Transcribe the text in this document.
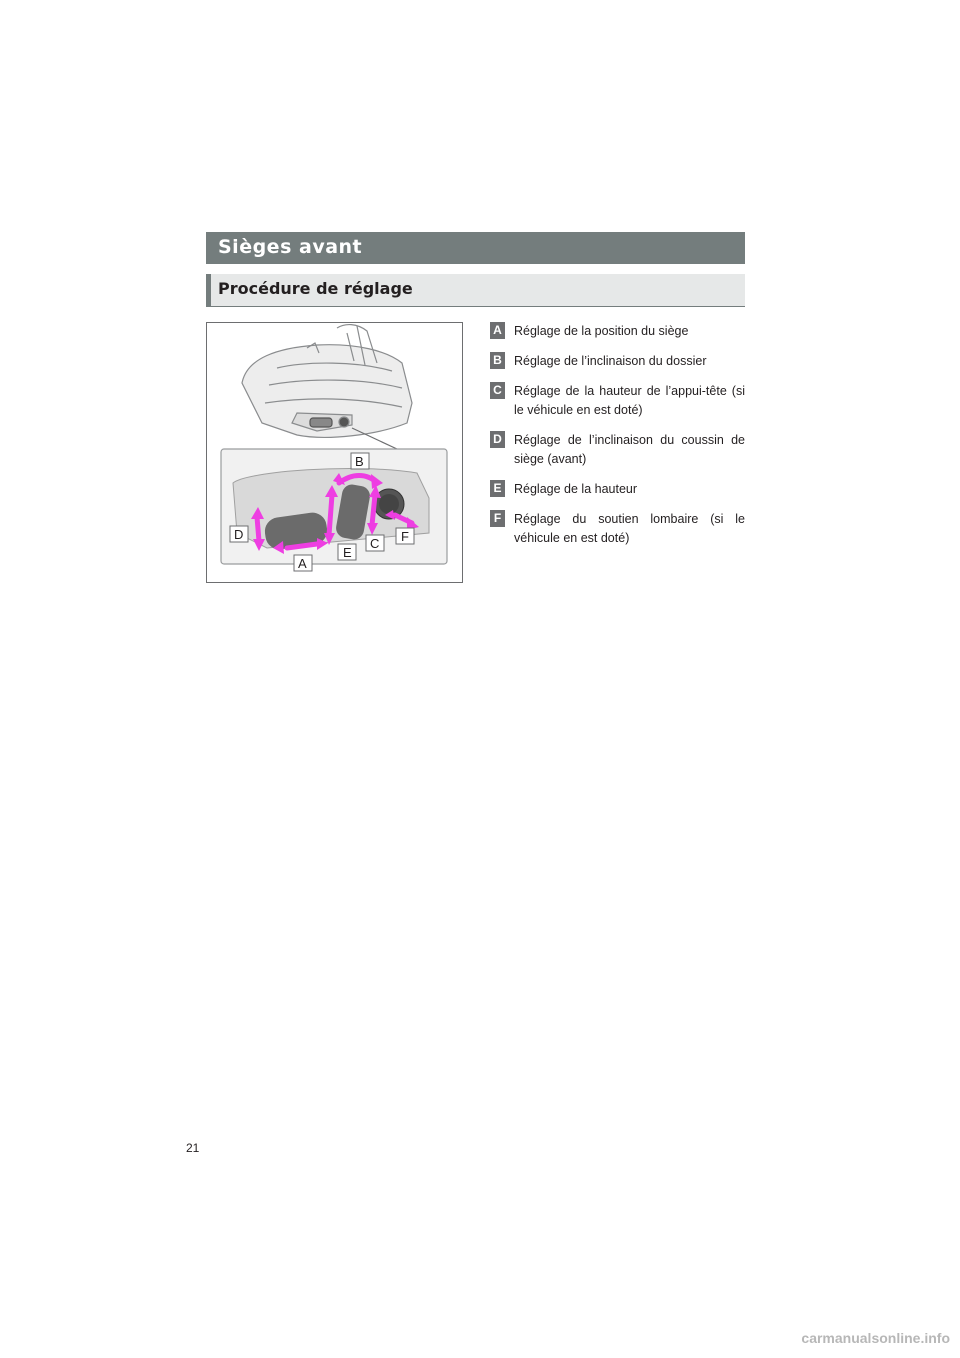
Sièges avant
Procédure de réglage
B
D
C F
E
A
A Réglage de la position du siège
B Réglage de l’inclinaison du dossier
C Réglage de la hauteur de l’appui-tête (si le véhicule en est doté)
D Réglage de l’inclinaison du coussin de siège (avant)
E Réglage de la hauteur
F	Réglage du soutien lombaire (si le véhicule en est doté)
21
carmanualsonline.info
